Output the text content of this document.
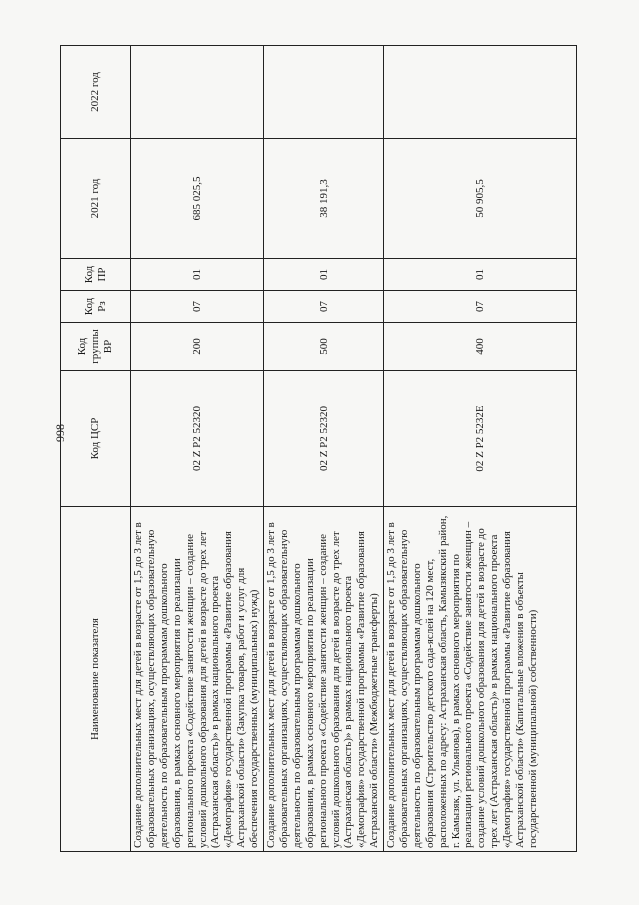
998
Наименование показателя	Код ЦСР	Код группы ВР	Код Рз	Код ПР	2021 год	2022 год
Создание дополнительных мест для детей в возрасте от 1,5 до 3 лет в образовательных организациях, осуществляющих образовательную деятельность по образовательным программам дошкольного образования, в рамках основного мероприятия по реализации регионального проекта «Содействие занятости женщин – создание условий дошкольного образования для детей в возрасте до трех лет (Астраханская область)» в рамках национального проекта «Демография» государственной программы «Развитие образования Астраханской области» (Закупка товаров, работ и услуг для обеспечения государственных (муниципальных) нужд)	02 Z P2 52320	200	07	01	685 025,5	
Создание дополнительных мест для детей в возрасте от 1,5 до 3 лет в образовательных организациях, осуществляющих образовательную деятельность по образовательным программам дошкольного образования, в рамках основного мероприятия по реализации регионального проекта «Содействие занятости женщин – создание условий дошкольного образования для детей в возрасте до трех лет (Астраханская область)» в рамках национального проекта «Демография» государственной программы «Развитие образования Астраханской области» (Межбюджетные трансферты)	02 Z P2 52320	500	07	01	38 191,3	
Создание дополнительных мест для детей в возрасте от 1,5 до 3 лет в образовательных организациях, осуществляющих образовательную деятельность по образовательным программам дошкольного образования (Строительство детского сада-яслей на 120 мест, расположенных по адресу: Астраханская область, Камызякский район, г. Камызяк, ул. Ульянова), в рамках основного мероприятия по реализации регионального проекта «Содействие занятости женщин – создание условий дошкольного образования для детей в возрасте до трех лет (Астраханская область)» в рамках национального проекта «Демография» государственной программы «Развитие образования Астраханской области» (Капитальные вложения в объекты государственной (муниципальной) собственности)	02 Z P2 5232E	400	07	01	50 905,5	
